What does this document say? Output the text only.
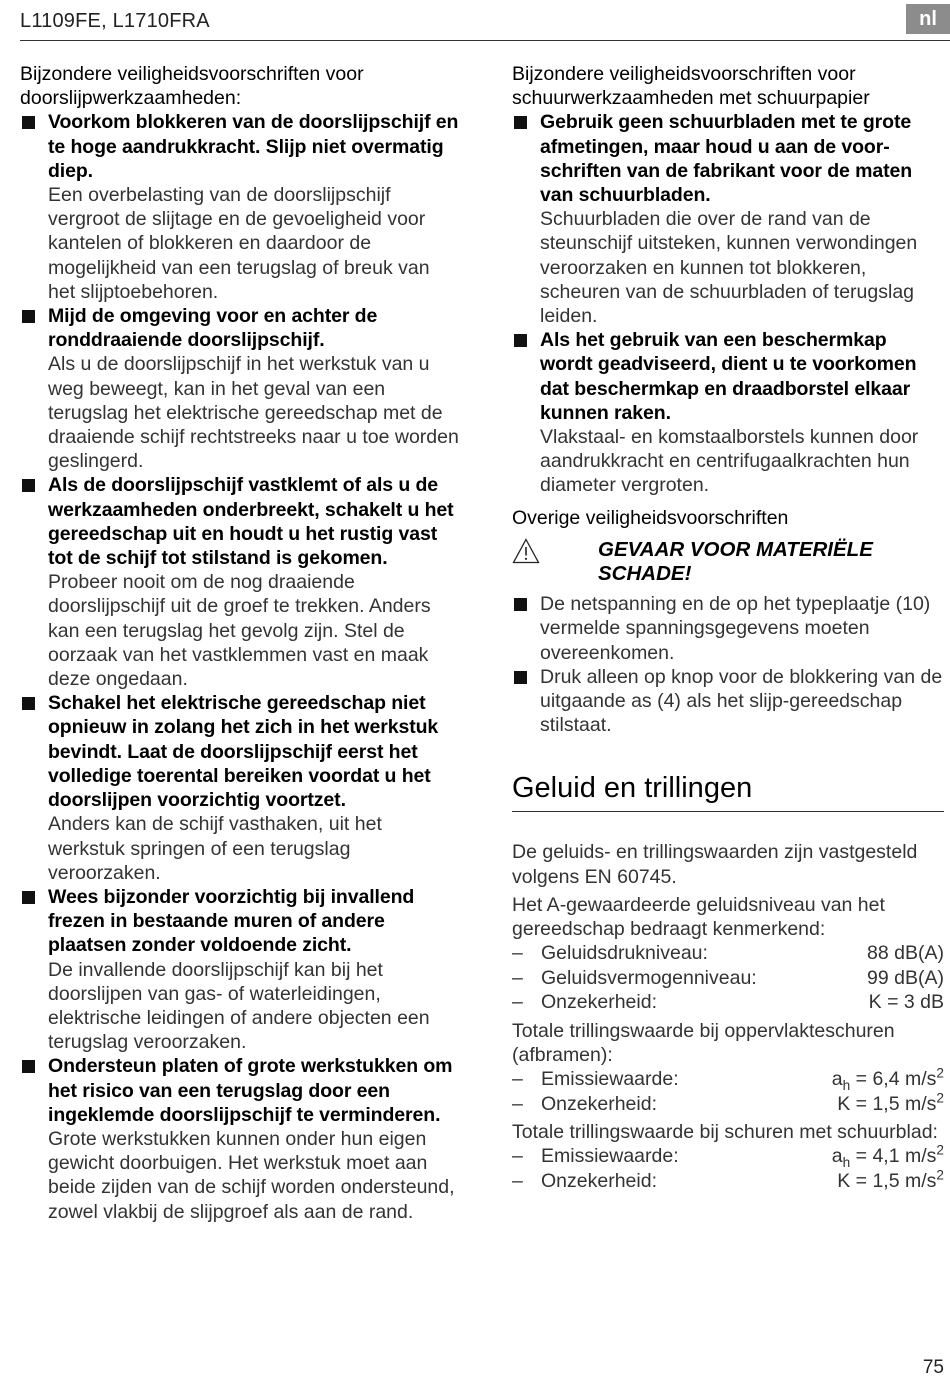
L1109FE, L1710FRA	nl

Bijzondere veiligheidsvoorschriften voor
doorslijpwerkzaamheden:

Voorkom blokkeren van de doorslijpschijf en te hoge aandrukkracht. Slijp niet overmatig diep.
Een overbelasting van de doorslijpschijf vergroot de slijtage en de gevoeligheid voor kantelen of blokkeren en daardoor de mogelijkheid van een terugslag of breuk van het slijptoebehoren.
Mijd de omgeving voor en achter de ronddraaiende doorslijpschijf.
Als u de doorslijpschijf in het werkstuk van u weg beweegt, kan in het geval van een terugslag het elektrische gereedschap met de draaiende schijf rechtstreeks naar u toe worden geslingerd.
Als de doorslijpschijf vastklemt of als u de werkzaamheden onderbreekt, schakelt u het gereedschap uit en houdt u het rustig vast tot de schijf tot stilstand is gekomen.
Probeer nooit om de nog draaiende doorslijpschijf uit de groef te trekken. Anders kan een terugslag het gevolg zijn. Stel de oorzaak van het vastklemmen vast en maak deze ongedaan.
Schakel het elektrische gereedschap niet opnieuw in zolang het zich in het werkstuk bevindt. Laat de doorslijpschijf eerst het volledige toerental bereiken voordat u het doorslijpen voorzichtig voortzet.
Anders kan de schijf vasthaken, uit het werkstuk springen of een terugslag veroorzaken.
Wees bijzonder voorzichtig bij invallend frezen in bestaande muren of andere plaatsen zonder voldoende zicht.
De invallende doorslijpschijf kan bij het doorslijpen van gas- of waterleidingen, elektrische leidingen of andere objecten een terugslag veroorzaken.
Ondersteun platen of grote werkstukken om het risico van een terugslag door een ingeklemde doorslijpschijf te verminderen.
Grote werkstukken kunnen onder hun eigen gewicht doorbuigen. Het werkstuk moet aan beide zijden van de schijf worden ondersteund, zowel vlakbij de slijpgroef als aan de rand.

Bijzondere veiligheidsvoorschriften voor
schuurwerkzaamheden met schuurpapier

Gebruik geen schuurbladen met te grote afmetingen, maar houd u aan de voor-schriften van de fabrikant voor de maten van schuurbladen.
Schuurbladen die over de rand van de steunschijf uitsteken, kunnen verwondingen veroorzaken en kunnen tot blokkeren, scheuren van de schuurbladen of terugslag leiden.
Als het gebruik van een beschermkap wordt geadviseerd, dient u te voorkomen dat beschermkap en draadborstel elkaar kunnen raken.
Vlakstaal- en komstaalborstels kunnen door aandrukkracht en centrifugaalkrachten hun diameter vergroten.

Overige veiligheidsvoorschriften

GEVAAR VOOR MATERIËLE
SCHADE!
De netspanning en de op het typeplaatje (10) vermelde spanningsgegevens moeten overeenkomen.
Druk alleen op knop voor de blokkering van de uitgaande as (4) als het slijp-gereedschap stilstaat.
Geluid en trillingen

De geluids- en trillingswaarden zijn vastgesteld volgens EN 60745.

Het A-gewaardeerde geluidsniveau van het gereedschap bedraagt kenmerkend:

– Geluidsdrukniveau:	88 dB(A)
– Geluidsvermogenniveau:	99 dB(A)
– Onzekerheid:	K = 3 dB

Totale trillingswaarde bij oppervlakteschuren (afbramen):

– Emissiewaarde:	$a_h = 6,4$ $m/s^2$
– Onzekerheid:	K = 1,5 $m/s^2$

Totale trillingswaarde bij schuren met schuurblad:

– Emissiewaarde:	$a_h = 4,1$ $m/s^2$
– Onzekerheid:	K = 1,5 $m/s^2$
75
